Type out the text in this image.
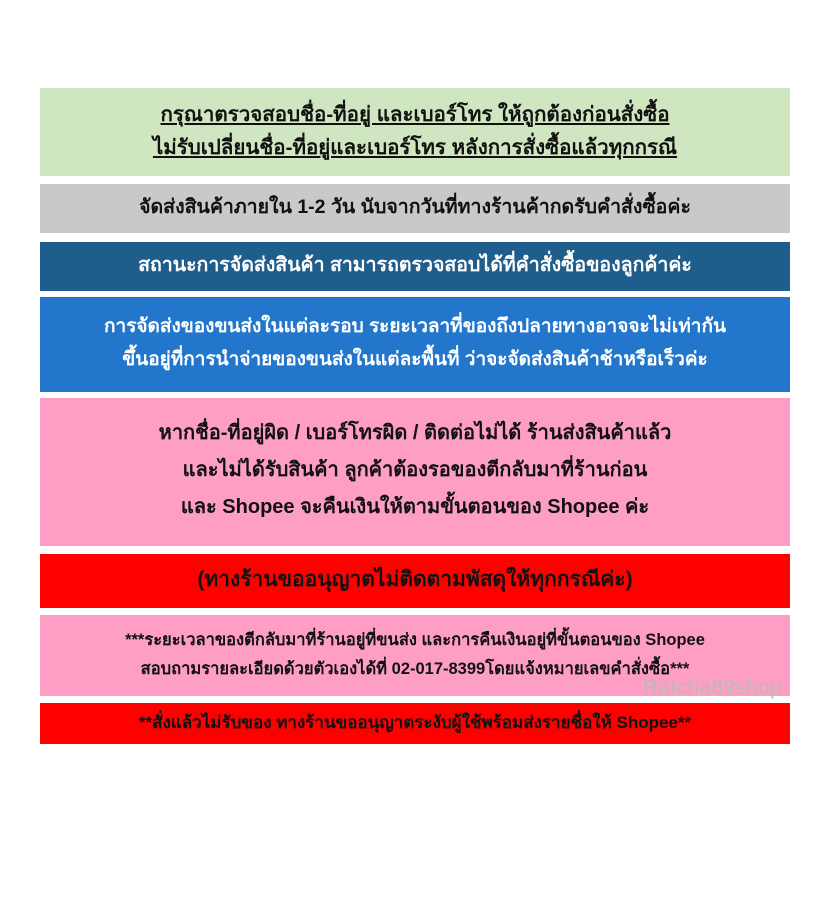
กรุณาตรวจสอบชื่อ-ที่อยู่ และเบอร์โทร ให้ถูกต้องก่อนสั่งซื้อ
ไม่รับเปลี่ยนชื่อ-ที่อยู่และเบอร์โทร หลังการสั่งซื้อแล้วทุกกรณี
จัดส่งสินค้าภายใน 1-2 วัน นับจากวันที่ทางร้านค้ากดรับคำสั่งซื้อค่ะ
สถานะการจัดส่งสินค้า สามารถตรวจสอบได้ที่คำสั่งซื้อของลูกค้าค่ะ
การจัดส่งของขนส่งในแต่ละรอบ ระยะเวลาที่ของถึงปลายทางอาจจะไม่เท่ากัน
ขึ้นอยู่ที่การนำจ่ายของขนส่งในแต่ละพื้นที่ ว่าจะจัดส่งสินค้าช้าหรือเร็วค่ะ
หากชื่อ-ที่อยู่ผิด / เบอร์โทรผิด / ติดต่อไม่ได้ ร้านส่งสินค้าแล้ว
และไม่ได้รับสินค้า ลูกค้าต้องรอของตีกลับมาที่ร้านก่อน
และ Shopee จะคืนเงินให้ตามขั้นตอนของ Shopee ค่ะ
(ทางร้านขออนุญาตไม่ติดตามพัสดุให้ทุกกรณีค่ะ)
***ระยะเวลาของตีกลับมาที่ร้านอยู่ที่ขนส่ง และการคืนเงินอยู่ที่ขั้นตอนของ Shopee
สอบถามรายละเอียดด้วยตัวเองได้ที่ 02-017-8399โดยแจ้งหมายเลขคำสั่งซื้อ***
**สั่งแล้วไม่รับของ ทางร้านขออนุญาตระงับผู้ใช้พร้อมส่งรายชื่อให้ Shopee**
Ratcha89shop
